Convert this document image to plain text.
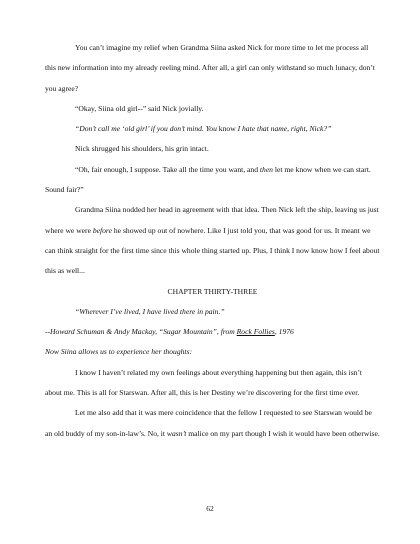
You can’t imagine my relief when Grandma Siina asked Nick for more time to let me process all this new information into my already reeling mind. After all, a girl can only withstand so much lunacy, don’t you agree?

“Okay, Siina old girl--” said Nick jovially.

“Don’t call me ‘old girl’ if you don’t mind. You know I hate that name, right, Nick?”

Nick shrugged his shoulders, his grin intact.

“Oh, fair enough, I suppose. Take all the time you want, and then let me know when we can start. Sound fair?”

Grandma Siina nodded her head in agreement with that idea. Then Nick left the ship, leaving us just where we were before he showed up out of nowhere. Like I just told you, that was good for us. It meant we can think straight for the first time since this whole thing started up. Plus, I think I now know how I feel about this as well...

CHAPTER THIRTY-THREE

“Wherever I’ve lived, I have lived there in pain.”

--Howard Schuman & Andy Mackay, “Sugar Mountain”, from Rock Follies, 1976

Now Siina allows us to experience her thoughts:

I know I haven’t related my own feelings about everything happening but then again, this isn’t about me. This is all for Starswan. After all, this is her Destiny we’re discovering for the first time ever.

Let me also add that it was mere coincidence that the fellow I requested to see Starswan would be an old buddy of my son-in-law’s. No, it wasn’t malice on my part though I wish it would have been otherwise.

62
